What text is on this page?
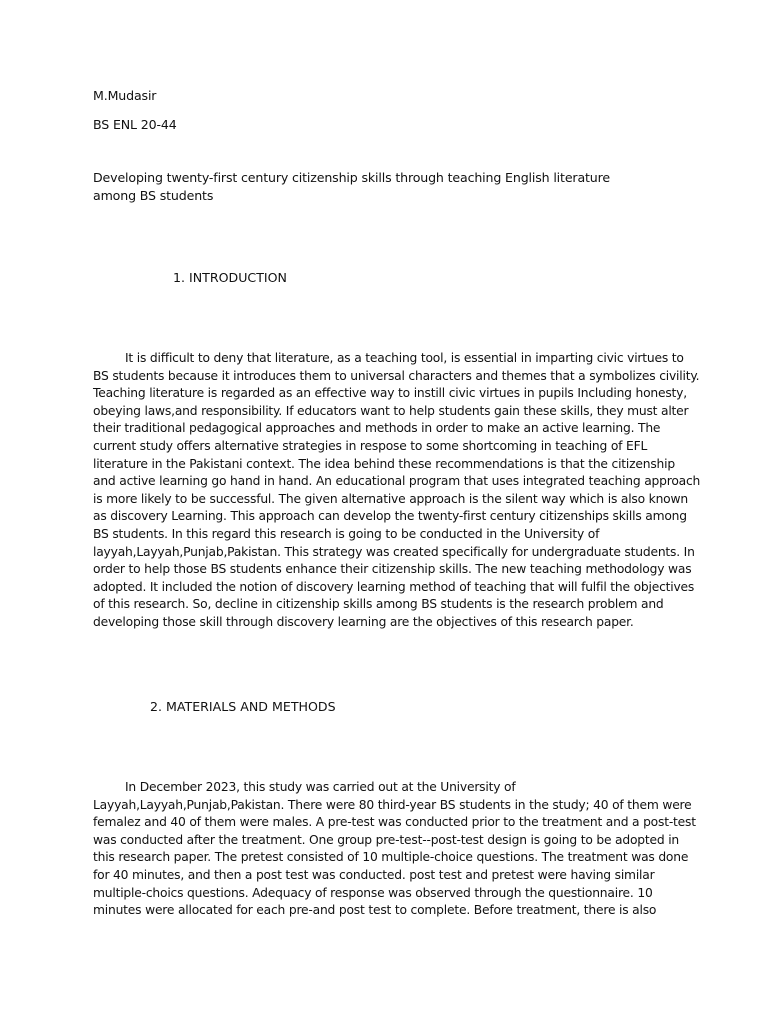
M.Mudasir
BS ENL 20-44
Developing twenty-first century citizenship skills through teaching English literature among BS students
1. INTRODUCTION
It is difficult to deny that literature, as a teaching tool, is essential in imparting civic virtues to
BS students because it introduces them to universal characters and themes that a symbolizes civility.
Teaching literature is regarded as an effective way to instill civic virtues in pupils Including honesty,
obeying laws,and responsibility. If educators want to help students gain these skills, they must alter
their traditional pedagogical approaches and methods in order to make an active learning. The
current study offers alternative strategies in respose to some shortcoming in teaching of EFL
literature in the Pakistani context. The idea behind these recommendations is that the citizenship
and active learning go hand in hand. An educational program that uses integrated teaching approach
is more likely to be successful. The given alternative approach is the silent way which is also known
as discovery Learning. This approach can develop the twenty-first century citizenships skills among
BS students. In this regard this research is going to be conducted in the University of
layyah,Layyah,Punjab,Pakistan. This strategy was created specifically for undergraduate students. In
order to help those BS students enhance their citizenship skills. The new teaching methodology was
adopted. It included the notion of discovery learning method of teaching that will fulfil the objectives
of this research. So, decline in citizenship skills among BS students is the research problem and
developing those skill through discovery learning are the objectives of this research paper.
2. MATERIALS AND METHODS
In December 2023, this study was carried out at the University of
Layyah,Layyah,Punjab,Pakistan. There were 80 third-year BS students in the study; 40 of them were
femalez and 40 of them were males. A pre-test was conducted prior to the treatment and a post-test
was conducted after the treatment. One group pre-test--post-test design is going to be adopted in
this research paper. The pretest consisted of 10 multiple-choice questions. The treatment was done
for 40 minutes, and then a post test was conducted. post test and pretest were having similar
multiple-choics questions. Adequacy of response was observed through the questionnaire. 10
minutes were allocated for each pre-and post test to complete. Before treatment, there is also
